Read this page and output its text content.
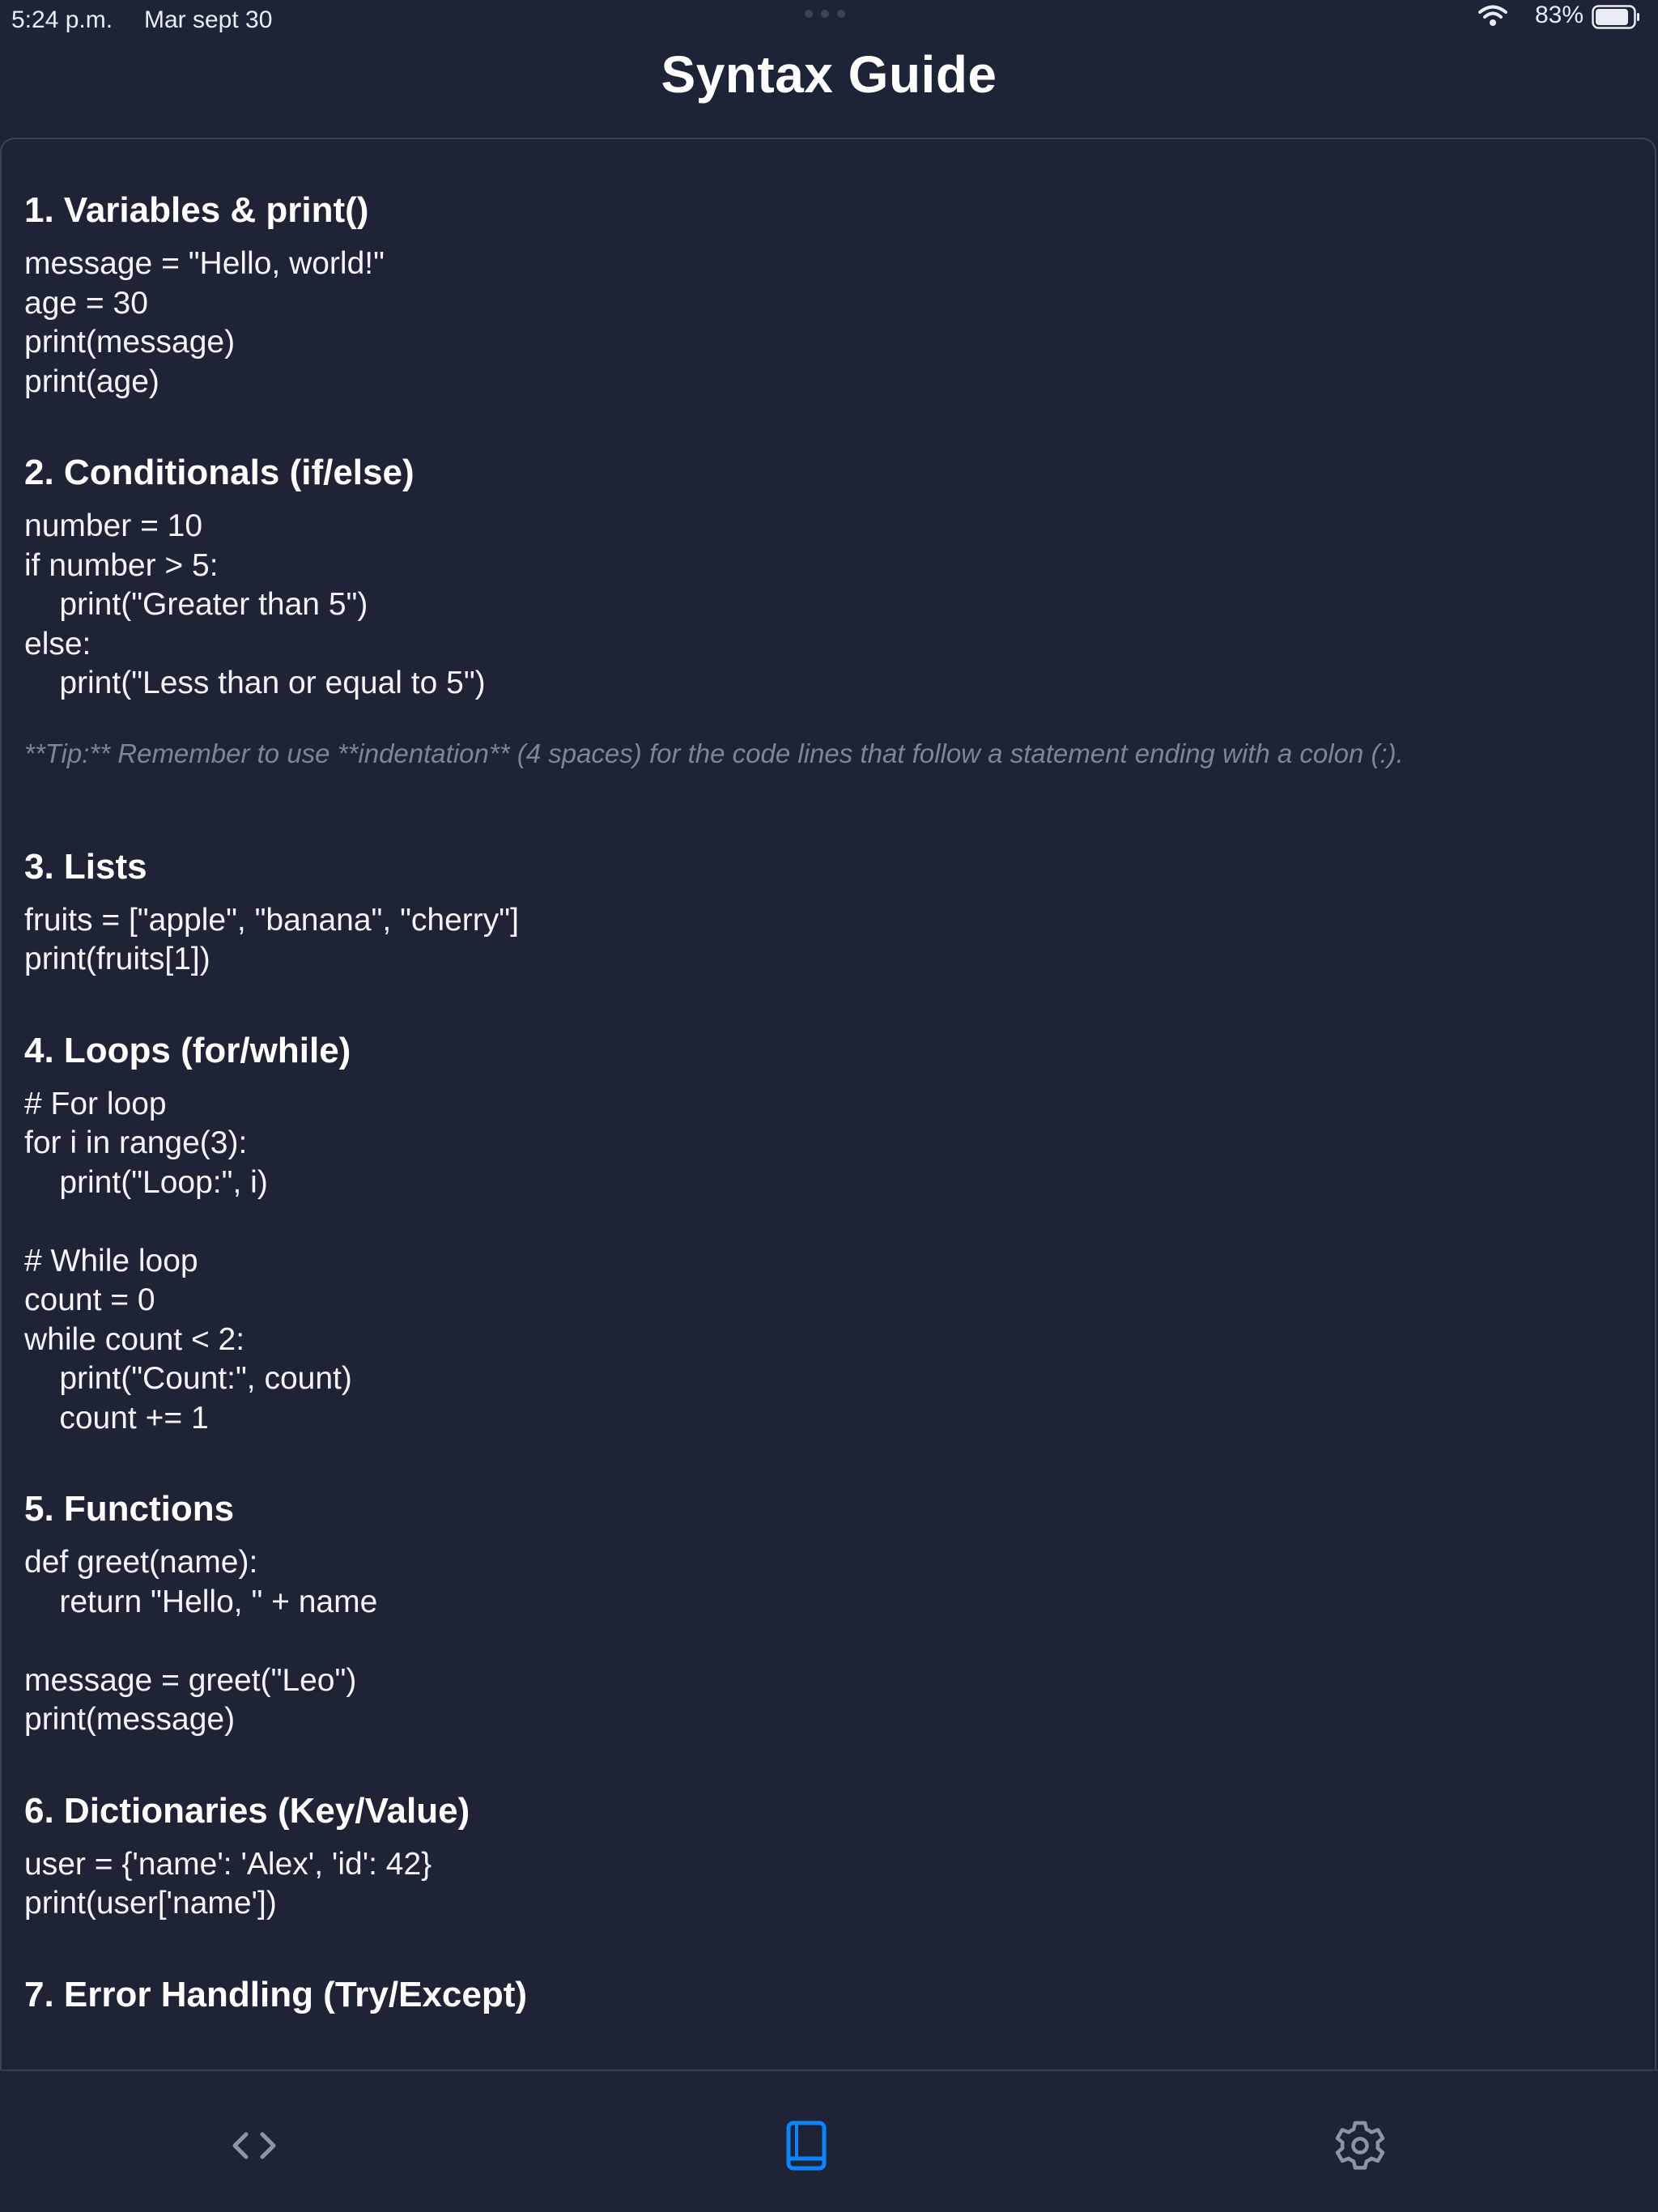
5:24 p.m. Mar sept 30	83%
Syntax Guide
1. Variables & print()
message = "Hello, world!"
age = 30
print(message)
print(age)
2. Conditionals (if/else)
number = 10
if number > 5:
print("Greater than 5")
else:
print("Less than or equal to 5")
**Tip:** Remember to use **indentation** (4 spaces) for the code lines that follow a statement ending with a colon (:).
3. Lists
fruits = ["apple", "banana", "cherry"]
print(fruits[1])
4. Loops (for/while)
# For loop
for i in range(3):
print("Loop:", i)

# While loop
count = 0
while count < 2:
print("Count:", count)
count += 1
5. Functions
def greet(name):
return "Hello, " + name

message = greet("Leo")
print(message)
6. Dictionaries (Key/Value)
user = {'name': 'Alex', 'id': 42}
print(user['name'])
7. Error Handling (Try/Except)
